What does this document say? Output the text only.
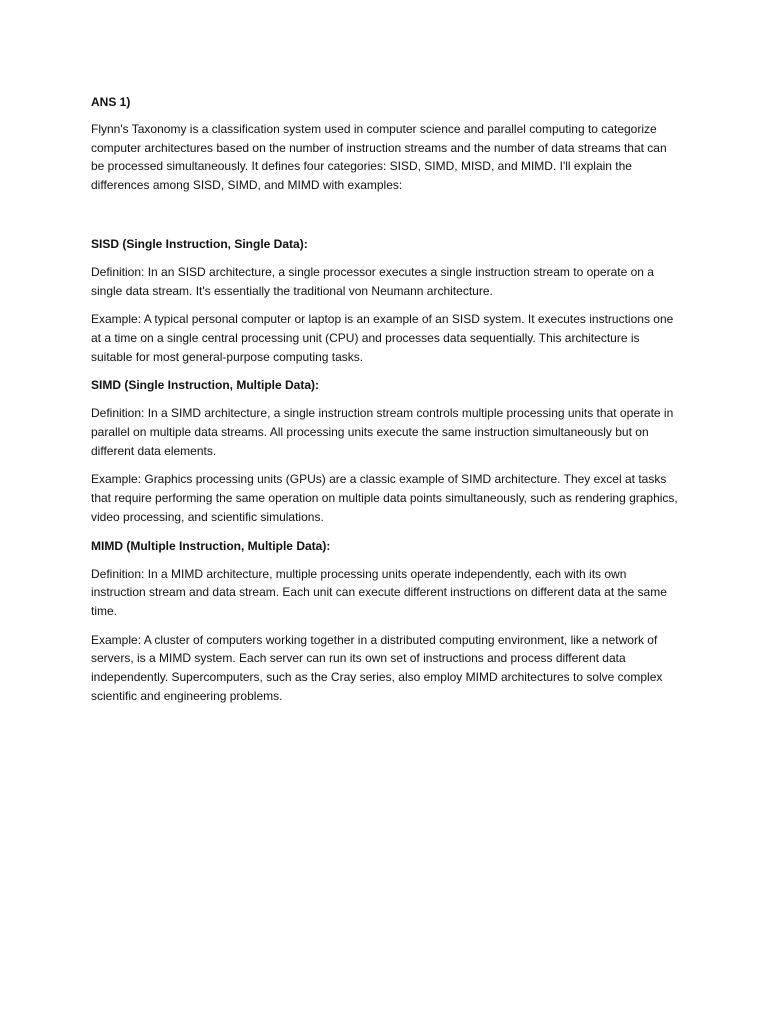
ANS 1)

Flynn's Taxonomy is a classification system used in computer science and parallel computing to categorize computer architectures based on the number of instruction streams and the number of data streams that can be processed simultaneously. It defines four categories: SISD, SIMD, MISD, and MIMD. I'll explain the differences among SISD, SIMD, and MIMD with examples:

SISD (Single Instruction, Single Data):

Definition: In an SISD architecture, a single processor executes a single instruction stream to operate on a single data stream. It's essentially the traditional von Neumann architecture.

Example: A typical personal computer or laptop is an example of an SISD system. It executes instructions one at a time on a single central processing unit (CPU) and processes data sequentially. This architecture is suitable for most general-purpose computing tasks.

SIMD (Single Instruction, Multiple Data):

Definition: In a SIMD architecture, a single instruction stream controls multiple processing units that operate in parallel on multiple data streams. All processing units execute the same instruction simultaneously but on different data elements.

Example: Graphics processing units (GPUs) are a classic example of SIMD architecture. They excel at tasks that require performing the same operation on multiple data points simultaneously, such as rendering graphics, video processing, and scientific simulations.

MIMD (Multiple Instruction, Multiple Data):

Definition: In a MIMD architecture, multiple processing units operate independently, each with its own instruction stream and data stream. Each unit can execute different instructions on different data at the same time.

Example: A cluster of computers working together in a distributed computing environment, like a network of servers, is a MIMD system. Each server can run its own set of instructions and process different data independently. Supercomputers, such as the Cray series, also employ MIMD architectures to solve complex scientific and engineering problems.
